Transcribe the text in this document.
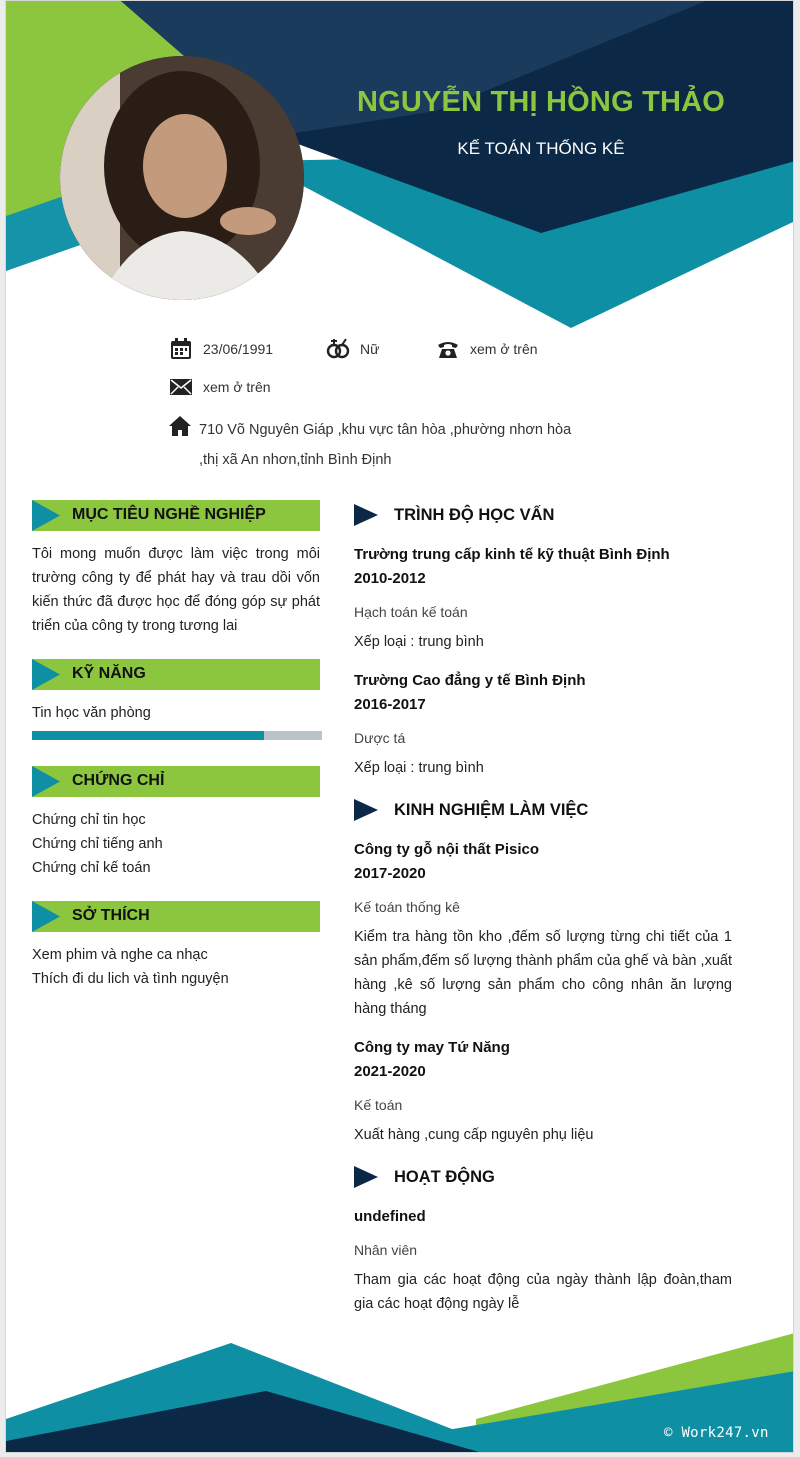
NGUYỄN THỊ HỒNG THẢO
KẾ TOÁN THỐNG KÊ
23/06/1991	Nữ	xem ở trên
xem ở trên
710 Võ Nguyên Giáp ,khu vực tân hòa ,phường nhơn hòa
,thị xã An nhơn,tỉnh Bình Định
MỤC TIÊU NGHỀ NGHIỆP
Tôi mong muốn được làm việc trong môi trường công ty để phát hay và trau dồi vốn kiến thức đã được học để đóng góp sự phát triển của công ty trong tương lai
KỸ NĂNG
Tin học văn phòng
CHỨNG CHỈ
Chứng chỉ tin học
Chứng chỉ tiếng anh
Chứng chỉ kế toán
SỞ THÍCH
Xem phim và nghe ca nhạc
Thích đi du lich và tình nguyện
TRÌNH ĐỘ HỌC VẤN
Trường trung cấp kinh tế kỹ thuật Bình Định
2010-2012
Hạch toán kế toán
Xếp loại : trung bình
Trường Cao đẳng y tế Bình Định
2016-2017
Dược tá
Xếp loại : trung bình
KINH NGHIỆM LÀM VIỆC
Công ty gỗ nội thất Pisico
2017-2020
Kế toán thống kê
Kiểm tra hàng tồn kho ,đếm số lượng từng chi tiết của 1 sản phẩm,đếm số lượng thành phẩm của ghế và bàn ,xuất hàng ,kê số lượng sản phẩm cho công nhân ăn lượng hàng tháng
Công ty may Tứ Năng
2021-2020
Kế toán
Xuất hàng ,cung cấp nguyên phụ liệu
HOẠT ĐỘNG
undefined
Nhân viên
Tham gia các hoạt động của ngày thành lập đoàn,tham gia các hoạt động ngày lễ
© Work247.vn
